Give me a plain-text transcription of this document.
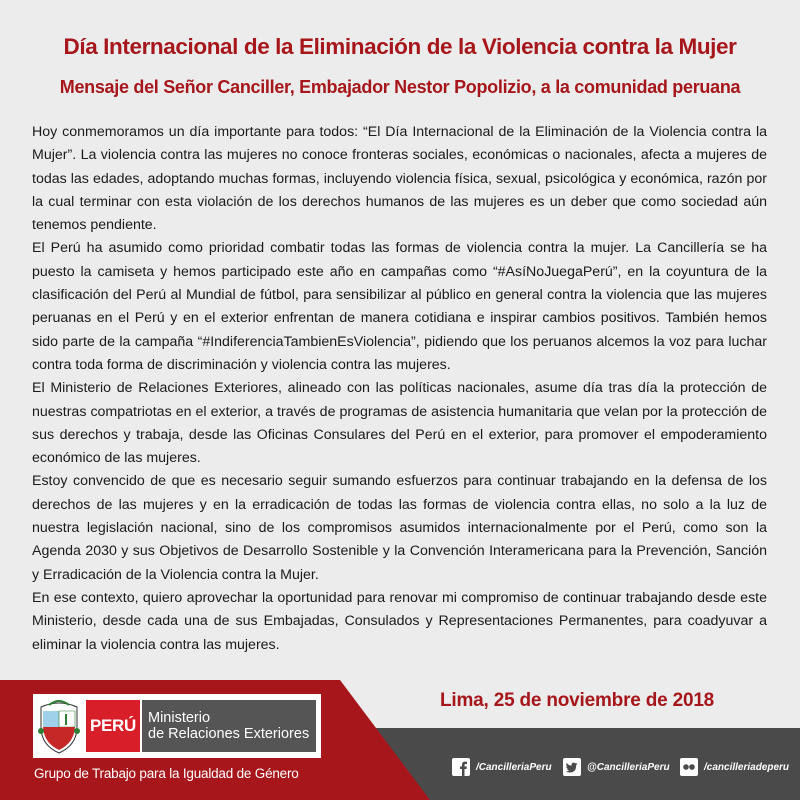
Día Internacional de la Eliminación de la Violencia contra la Mujer
Mensaje del Señor Canciller, Embajador Nestor Popolizio, a la comunidad peruana

Hoy conmemoramos un día importante para todos: “El Día Internacional de la Eliminación de la Violencia contra la Mujer”. La violencia contra las mujeres no conoce fronteras sociales, económicas o nacionales, afecta a mujeres de todas las edades, adoptando muchas formas, incluyendo violencia física, sexual, psicológica y económica, razón por la cual terminar con esta violación de los derechos humanos de las mujeres es un deber que como sociedad aún tenemos pendiente.

El Perú ha asumido como prioridad combatir todas las formas de violencia contra la mujer. La Cancillería se ha puesto la camiseta y hemos participado este año en campañas como “#AsíNoJuegaPerú”, en la coyuntura de la clasificación del Perú al Mundial de fútbol, para sensibilizar al público en general contra la violencia que las mujeres peruanas en el Perú y en el exterior enfrentan de manera cotidiana e inspirar cambios positivos. También hemos sido parte de la campaña “#IndiferenciaTambienEsViolencia”, pidiendo que los peruanos alcemos la voz para luchar contra toda forma de discriminación y violencia contra las mujeres.

El Ministerio de Relaciones Exteriores, alineado con las políticas nacionales, asume día tras día la protección de nuestras compatriotas en el exterior, a través de programas de asistencia humanitaria que velan por la protección de sus derechos y trabaja, desde las Oficinas Consulares del Perú en el exterior, para promover el empoderamiento económico de las mujeres.

Estoy convencido de que es necesario seguir sumando esfuerzos para continuar trabajando en la defensa de los derechos de las mujeres y en la erradicación de todas las formas de violencia contra ellas, no solo a la luz de nuestra legislación nacional, sino de los compromisos asumidos internacionalmente por el Perú, como son la Agenda 2030 y sus Objetivos de Desarrollo Sostenible y la Convención Interamericana para la Prevención, Sanción y Erradicación de la Violencia contra la Mujer.

En ese contexto, quiero aprovechar la oportunidad para renovar mi compromiso de continuar trabajando desde este Ministerio, desde cada una de sus Embajadas, Consulados y Representaciones Permanentes, para coadyuvar a eliminar la violencia contra las mujeres.

Lima, 25 de noviembre de 2018
PERÚ Ministerio
de Relaciones Exteriores
Grupo de Trabajo para la Igualdad de Género	/CancilleriaPeru	@CancilleriaPeru	/cancilleriadeperu
